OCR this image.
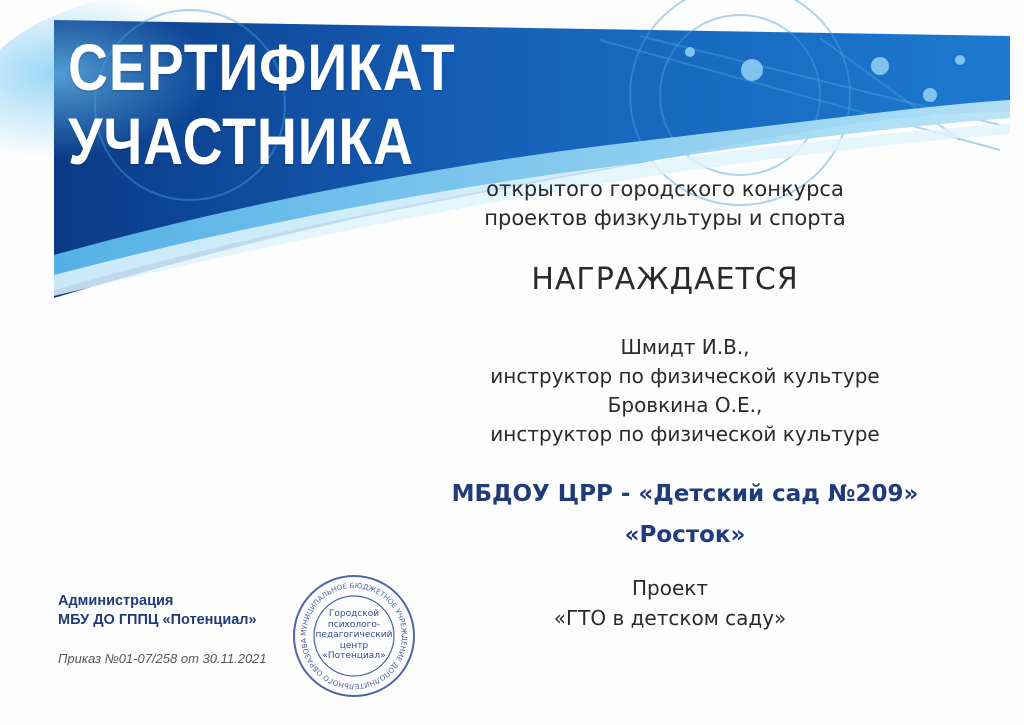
СЕРТИФИКАТ
УЧАСТНИКА
открытого городского конкурса
проектов физкультуры и спорта
НАГРАЖДАЕТСЯ
Шмидт И.В.,
инструктор по физической культуре
Бровкина О.Е.,
инструктор по физической культуре
МБДОУ ЦРР - «Детский сад №209»
«Росток»
Проект
«ГТО в детском саду»
Администрация
МБУ ДО ГППЦ «Потенциал»
Приказ №01-07/258 от 30.11.2021
МУНИЦИПАЛЬНОЕ БЮДЖЕТНОЕ УЧРЕЖДЕНИЕ ДОПОЛНИТЕЛЬНОГО ОБРАЗОВА
Городской
психолого-
педагогический
центр
«Потенциал»
